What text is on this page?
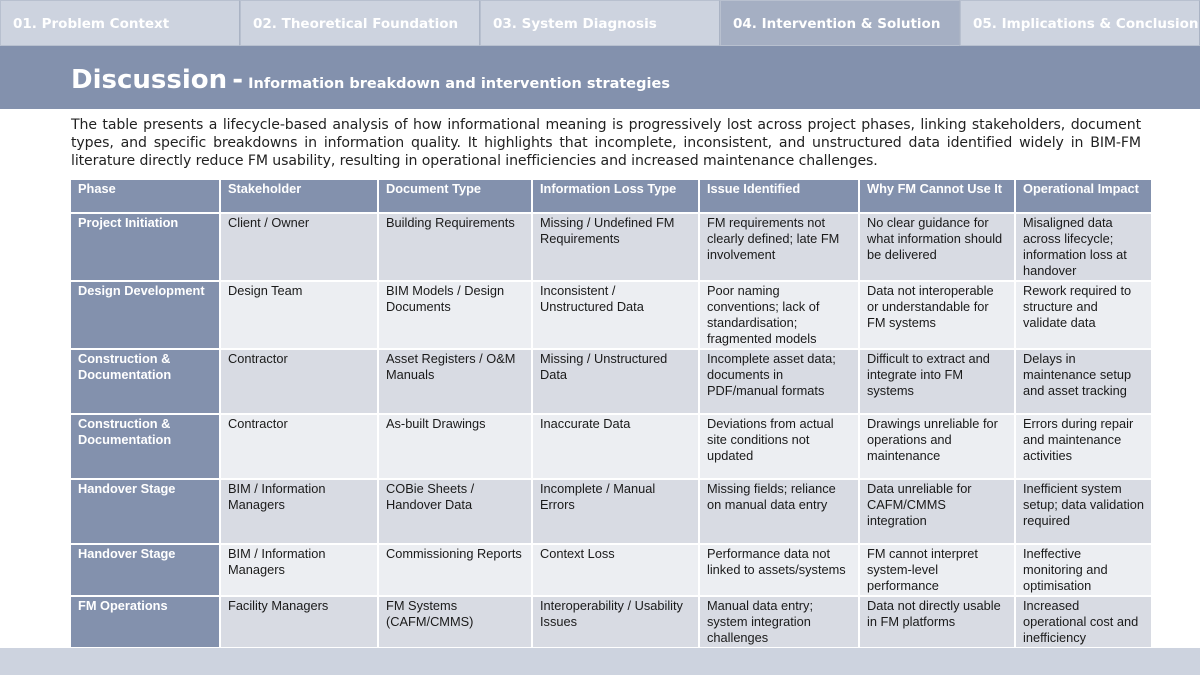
01. Problem Context	02. Theoretical Foundation	03. System Diagnosis	04. Intervention & Solution	05. Implications & Conclusion
Discussion - Information breakdown and intervention strategies

The table presents a lifecycle-based analysis of how informational meaning is progressively lost across project phases, linking stakeholders, document types, and specific breakdowns in information quality. It highlights that incomplete, inconsistent, and unstructured data identified widely in BIM-FM literature directly reduce FM usability, resulting in operational inefficiencies and increased maintenance challenges.

Phase	Stakeholder	Document Type	Information Loss Type	Issue Identified	Why FM Cannot Use It	Operational Impact
Project Initiation	Client / Owner	Building Requirements	Missing / Undefined FM Requirements	FM requirements not clearly defined; late FM involvement	No clear guidance for what information should be delivered	Misaligned data across lifecycle; information loss at handover
Design Development	Design Team	BIM Models / Design Documents	Inconsistent / Unstructured Data	Poor naming conventions; lack of standardisation; fragmented models	Data not interoperable or understandable for FM systems	Rework required to structure and validate data
Construction & Documentation	Contractor	Asset Registers / O&M Manuals	Missing / Unstructured Data	Incomplete asset data; documents in PDF/manual formats	Difficult to extract and integrate into FM systems	Delays in maintenance setup and asset tracking
Construction & Documentation	Contractor	As-built Drawings	Inaccurate Data	Deviations from actual site conditions not updated	Drawings unreliable for operations and maintenance	Errors during repair and maintenance activities
Handover Stage	BIM / Information Managers	COBie Sheets / Handover Data	Incomplete / Manual Errors	Missing fields; reliance on manual data entry	Data unreliable for CAFM/CMMS integration	Inefficient system setup; data validation required
Handover Stage	BIM / Information Managers	Commissioning Reports	Context Loss	Performance data not linked to assets/systems	FM cannot interpret system-level performance	Ineffective monitoring and optimisation
FM Operations	Facility Managers	FM Systems (CAFM/CMMS)	Interoperability / Usability Issues	Manual data entry; system integration challenges	Data not directly usable in FM platforms	Increased operational cost and inefficiency
